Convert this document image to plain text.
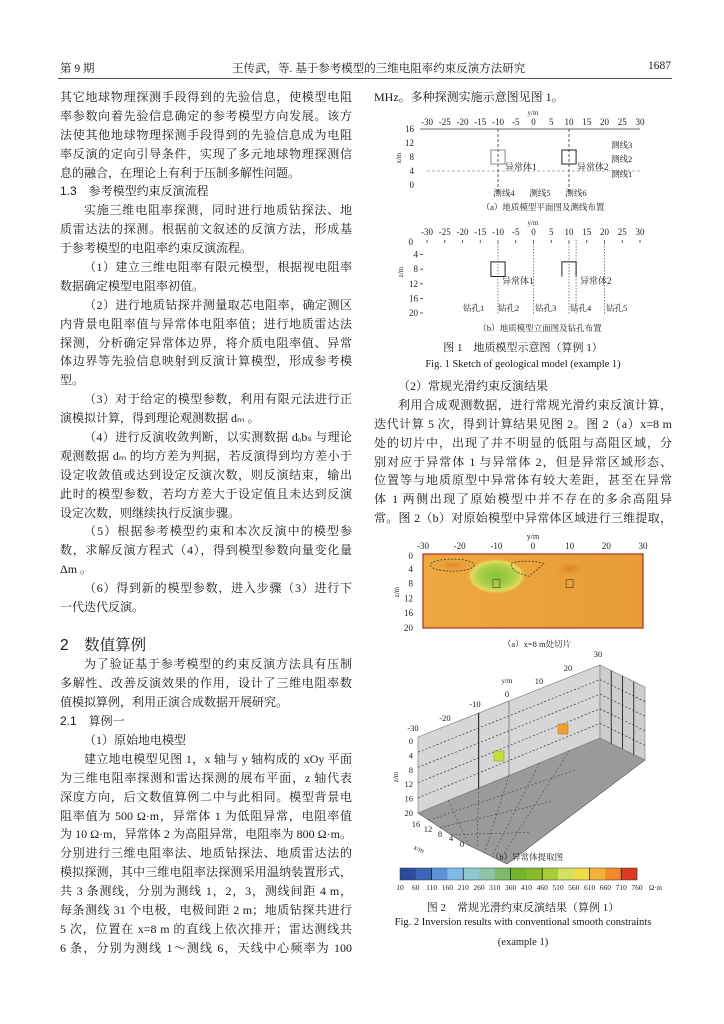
第 9 期	王传武，等. 基于参考模型的三维电阻率约束反演方法研究	1687
其它地球物理探测手段得到的先验信息，使模型电阻
率参数向着先验信息确定的参考模型方向发展。该方
法使其他地球物理探测手段得到的先验信息成为电阻
率反演的定向引导条件，实现了多元地球物理探测信
息的融合，在理论上有利于压制多解性问题。
1.3　参考模型约束反演流程
实施三维电阻率探测，同时进行地质钻探法、地
质雷达法的探测。根据前文叙述的反演方法，形成基
于参考模型的电阻率约束反演流程。
（1）建立三维电阻率有限元模型，根据视电阻率
数据确定模型电阻率初值。
（2）进行地质钻探并测量取芯电阻率，确定测区
内背景电阻率值与异常体电阻率值；进行地质雷达法
探测，分析确定异常体边界，将介质电阻率值、异常
体边界等先验信息映射到反演计算模型，形成参考模
型。
（3）对于给定的模型参数，利用有限元法进行正
演模拟计算，得到理论观测数据 dₘ 。
（4）进行反演收敛判断，以实测数据 dₒbₛ 与理论
观测数据 dₘ 的均方差为判据，若反演得到均方差小于
设定收敛值或达到设定反演次数，则反演结束，输出
此时的模型参数，若均方差大于设定值且未达到反演
设定次数，则继续执行反演步骤。
（5）根据参考模型约束和本次反演中的模型参
数，求解反演方程式（4），得到模型参数向量变化量
Δm 。
（6）得到新的模型参数，进入步骤（3）进行下
一代迭代反演。
2　数值算例
为了验证基于参考模型的约束反演方法具有压制
多解性、改善反演效果的作用，设计了三维电阻率数
值模拟算例，利用正演合成数据开展研究。
2.1　算例一
（1）原始地电模型
建立地电模型见图 1，x 轴与 y 轴构成的 xOy 平面
为三维电阻率探测和雷达探测的展布平面，z 轴代表
深度方向，后文数值算例二中与此相同。模型背景电
阻率值为 500 Ω·m，异常体 1 为低阻异常，电阻率值
为 10 Ω·m，异常体 2 为高阻异常，电阻率为 800 Ω·m。
分别进行三维电阻率法、地质钻探法、地质雷达法的
模拟探测，其中三维电阻率法探测采用温纳装置形式，
共 3 条测线，分别为测线 1，2，3，测线间距 4 m，
每条测线 31 个电极，电极间距 2 m；地质钻探共进行
5 次，位置在 x=8 m 的直线上依次排开；雷达测线共
6 条，分别为测线 1～测线 6，天线中心频率为 100
MHz。多种探测实施示意图见图 1。
（2）常规光滑约束反演结果
利用合成观测数据，进行常规光滑约束反演计算，
迭代计算 5 次，得到计算结果见图 2。图 2（a）x=8 m
处的切片中，出现了并不明显的低阻与高阻区域，分
别对应于异常体 1 与异常体 2，但是异常区域形态、
位置等与地质原型中异常体有较大差距，甚至在异常
体 1 两侧出现了原始模型中并不存在的多余高阻异
常。图 2（b）对原始模型中异常体区域进行三维提取，
图 1　地质模型示意图（算例 1）
Fig. 1 Sketch of geological model (example 1)
图 2　常规光滑约束反演结果（算例 1）
Fig. 2 Inversion results with conventional smooth constraints
(example 1)
-30 -25 -20 -15 -10 -5 0 5 10 15 20 25 30
16
12
8
4
0
y/m
x/m
异常体1	异常体2
测线3
测线2
测线1
测线4 测线5 测线6
（a）地质模型平面图及测线布置
-30 -25 -20 -15 -10 -5 0 5 10 15 20 25 30
0
4
8
12
16
20
y/m
z/m
异常体1	异常体2
钻孔1 钻孔2 钻孔3 钻孔4 钻孔5
（b）地质模型立面图及钻孔布置
-30	-20	-10	0	10	20	30
0
4
8
12
16
20
y/m
z/m
（a）x=8 m处切片
-30
-20
-10
0
10
20
30
y/m
0
4
8
12
16
20
z/m
16 12 8 4
0
x/m
（b）异常体提取图
10 60 110 160 210 260 310 360 410 460 510 560 610 660 710 760 Ω·m
